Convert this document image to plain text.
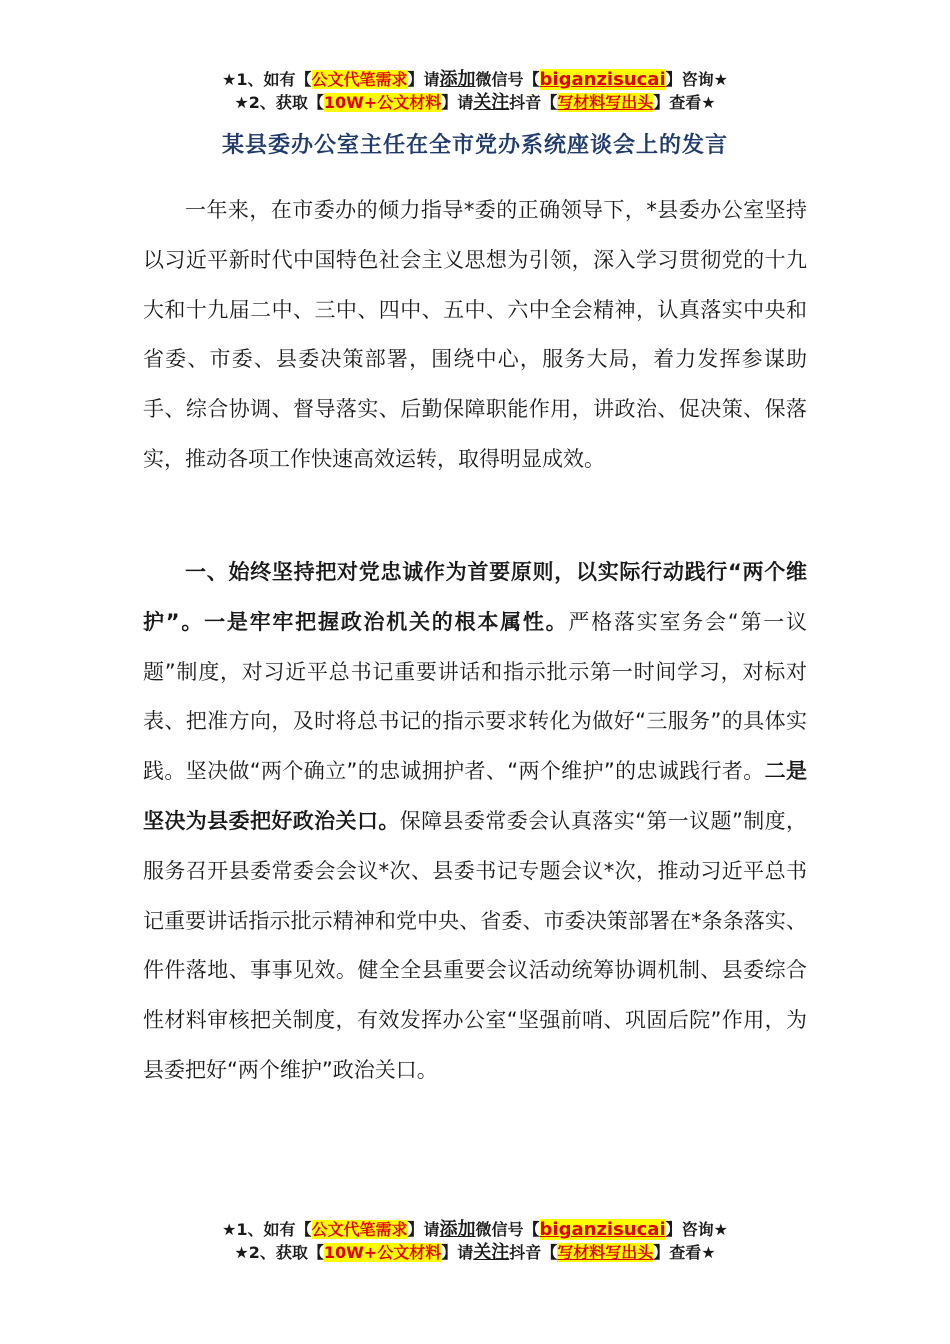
★1、如有【公文代笔需求】请添加微信号【biganzisucai】咨询★
★2、获取【10W+公文材料】请关注抖音【写材料写出头】查看★
某县委办公室主任在全市党办系统座谈会上的发言

一年来，在市委办的倾力指导*委的正确领导下，*县委办公室坚持以习近平新时代中国特色社会主义思想为引领，深入学习贯彻党的十九大和十九届二中、三中、四中、五中、六中全会精神，认真落实中央和省委、市委、县委决策部署，围绕中心，服务大局，着力发挥参谋助手、综合协调、督导落实、后勤保障职能作用，讲政治、促决策、保落实，推动各项工作快速高效运转，取得明显成效。

一、始终坚持把对党忠诚作为首要原则，以实际行动践行“两个维护”。一是牢牢把握政治机关的根本属性。严格落实室务会“第一议题”制度，对习近平总书记重要讲话和指示批示第一时间学习，对标对表、把准方向，及时将总书记的指示要求转化为做好“三服务”的具体实践。坚决做“两个确立”的忠诚拥护者、“两个维护”的忠诚践行者。二是坚决为县委把好政治关口。保障县委常委会认真落实“第一议题”制度，服务召开县委常委会会议*次、县委书记专题会议*次，推动习近平总书记重要讲话指示批示精神和党中央、省委、市委决策部署在*条条落实、件件落地、事事见效。健全全县重要会议活动统筹协调机制、县委综合性材料审核把关制度，有效发挥办公室“坚强前哨、巩固后院”作用，为县委把好“两个维护”政治关口。

★1、如有【公文代笔需求】请添加微信号【biganzisucai】咨询★
★2、获取【10W+公文材料】请关注抖音【写材料写出头】查看★
